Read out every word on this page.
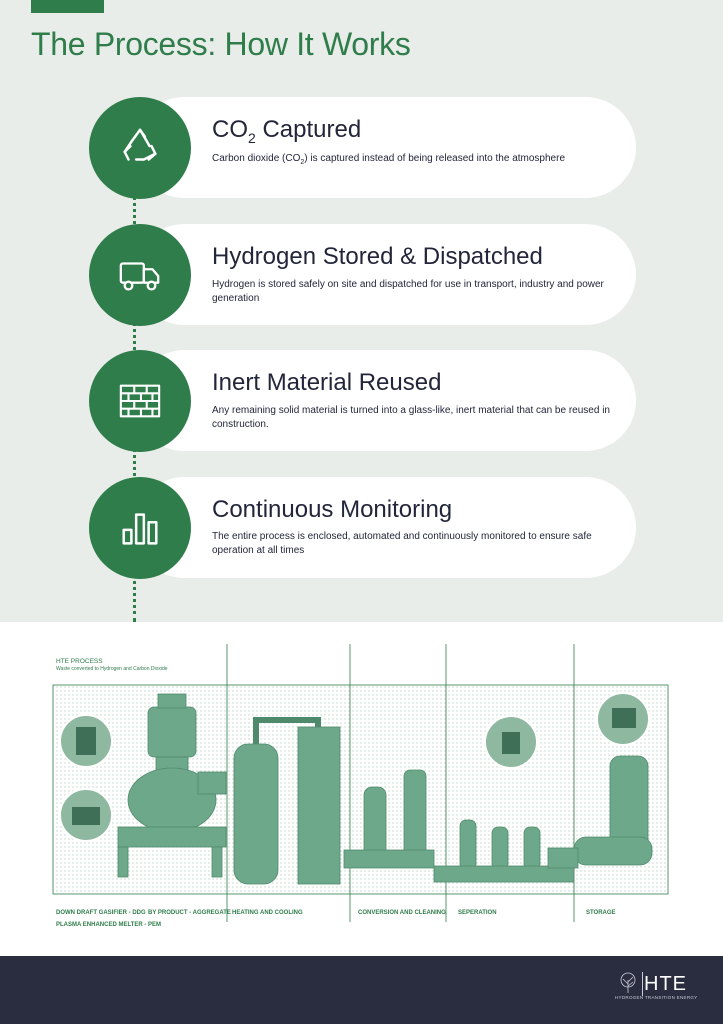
The Process: How It Works
$CO_2$ Captured
Carbon dioxide $(CO_2)$ is captured instead of being released into the atmosphere
Hydrogen Stored & Dispatched
Hydrogen is stored safely on site and dispatched for use in transport, industry and power generation
Inert Material Reused
Any remaining solid material is turned into a glass-like, inert material that can be reused in construction.
Continuous Monitoring
The entire process is enclosed, automated and continuously monitored to ensure safe operation at all times
HTE PROCESS
Waste converted to Hydrogen and Carbon Dioxide
DOWN DRAFT GASIFIER - DDG BY PRODUCT - AGGREGATE HEATING AND COOLING	CONVERSION AND CLEANING SEPERATION	STORAGE
PLASMA ENHANCED MELTER - PEM
HTE
HYDROGEN TRANSITION ENERGY
